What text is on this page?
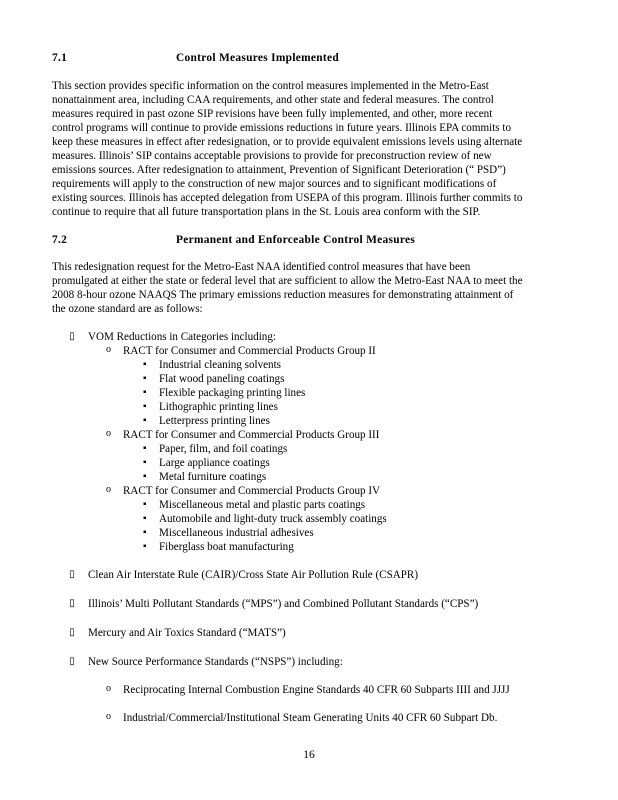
7.1	Control Measures Implemented
This section provides specific information on the control measures implemented in the Metro-East
nonattainment area, including CAA requirements, and other state and federal measures. The control
measures required in past ozone SIP revisions have been fully implemented, and other, more recent
control programs will continue to provide emissions reductions in future years. Illinois EPA commits to
keep these measures in effect after redesignation, or to provide equivalent emissions levels using alternate
measures. Illinois’ SIP contains acceptable provisions to provide for preconstruction review of new
emissions sources. After redesignation to attainment, Prevention of Significant Deterioration (“ PSD”)
requirements will apply to the construction of new major sources and to significant modifications of
existing sources. Illinois has accepted delegation from USEPA of this program. Illinois further commits to
continue to require that all future transportation plans in the St. Louis area conform with the SIP.
7.2	Permanent and Enforceable Control Measures
This redesignation request for the Metro-East NAA identified control measures that have been
promulgated at either the state or federal level that are sufficient to allow the Metro-East NAA to meet the
2008 8-hour ozone NAAQS The primary emissions reduction measures for demonstrating attainment of
the ozone standard are as follows:
▯ VOM Reductions in Categories including:
o RACT for Consumer and Commercial Products Group II
▪ Industrial cleaning solvents
▪ Flat wood paneling coatings
▪ Flexible packaging printing lines
▪ Lithographic printing lines
▪ Letterpress printing lines
o RACT for Consumer and Commercial Products Group III
▪ Paper, film, and foil coatings
▪ Large appliance coatings
▪ Metal furniture coatings
o RACT for Consumer and Commercial Products Group IV
▪ Miscellaneous metal and plastic parts coatings
▪ Automobile and light-duty truck assembly coatings
▪ Miscellaneous industrial adhesives
▪ Fiberglass boat manufacturing
▯ Clean Air Interstate Rule (CAIR)/Cross State Air Pollution Rule (CSAPR)
▯ Illinois’ Multi Pollutant Standards (“MPS”) and Combined Pollutant Standards (“CPS”)
▯ Mercury and Air Toxics Standard (“MATS”)
▯ New Source Performance Standards (“NSPS”) including:
o Reciprocating Internal Combustion Engine Standards 40 CFR 60 Subparts IIII and JJJJ
o Industrial/Commercial/Institutional Steam Generating Units 40 CFR 60 Subpart Db.
16
